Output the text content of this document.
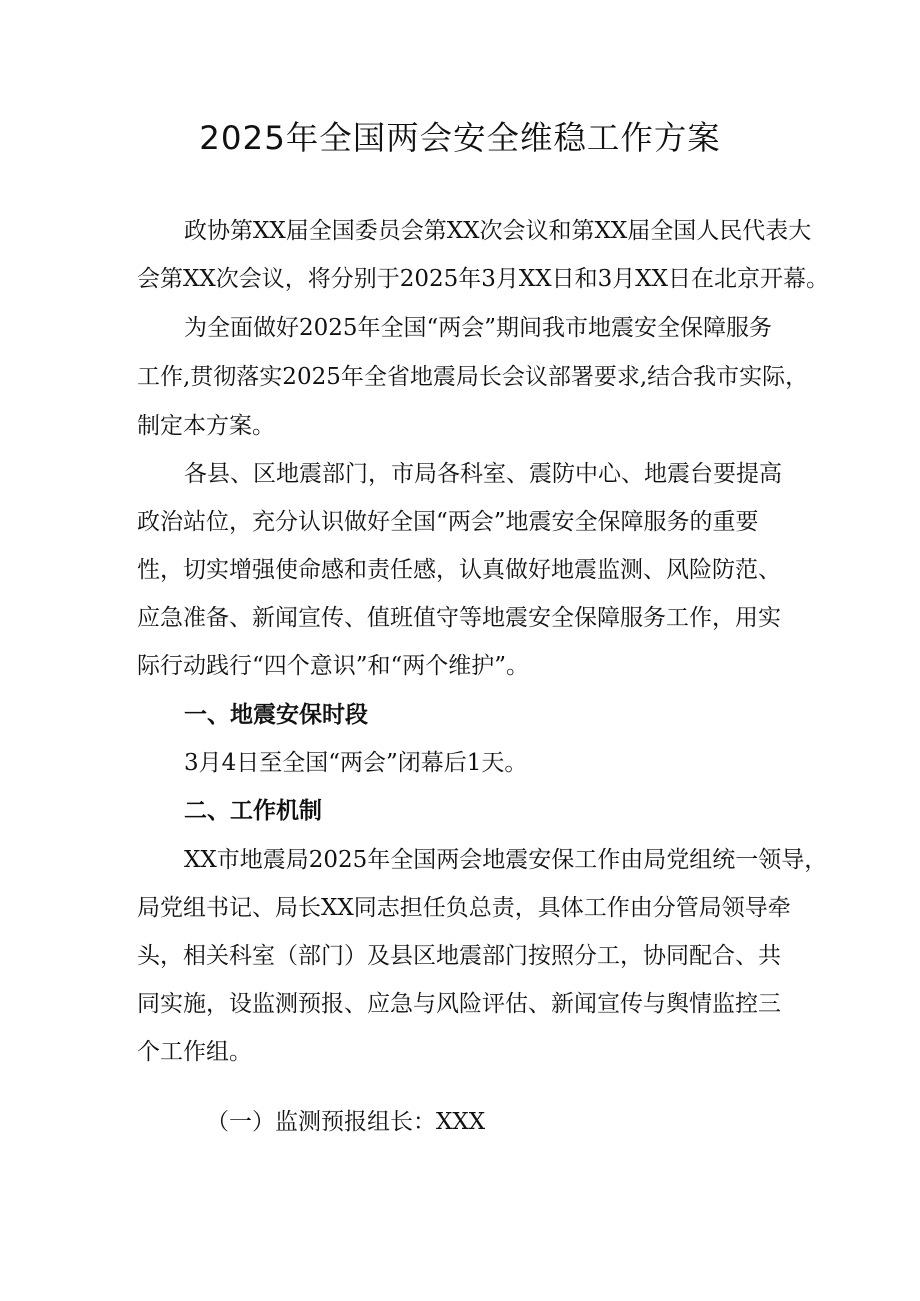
2025年全国两会安全维稳工作方案
政协第XX届全国委员会第XX次会议和第XX届全国人民代表大
会第XX次会议，将分别于2025年3月XX日和3月XX日在北京开幕。
为全面做好2025年全国“两会”期间我市地震安全保障服务
工作,贯彻落实2025年全省地震局长会议部署要求,结合我市实际，
制定本方案。
各县、区地震部门，市局各科室、震防中心、地震台要提高
政治站位，充分认识做好全国“两会”地震安全保障服务的重要
性，切实增强使命感和责任感，认真做好地震监测、风险防范、
应急准备、新闻宣传、值班值守等地震安全保障服务工作，用实
际行动践行“四个意识”和“两个维护”。
一、地震安保时段
3月4日至全国“两会”闭幕后1天。
二、工作机制
XX市地震局2025年全国两会地震安保工作由局党组统一领导，
局党组书记、局长XX同志担任负总责，具体工作由分管局领导牵
头，相关科室（部门）及县区地震部门按照分工，协同配合、共
同实施，设监测预报、应急与风险评估、新闻宣传与舆情监控三
个工作组。
（一）监测预报组长：XXX
